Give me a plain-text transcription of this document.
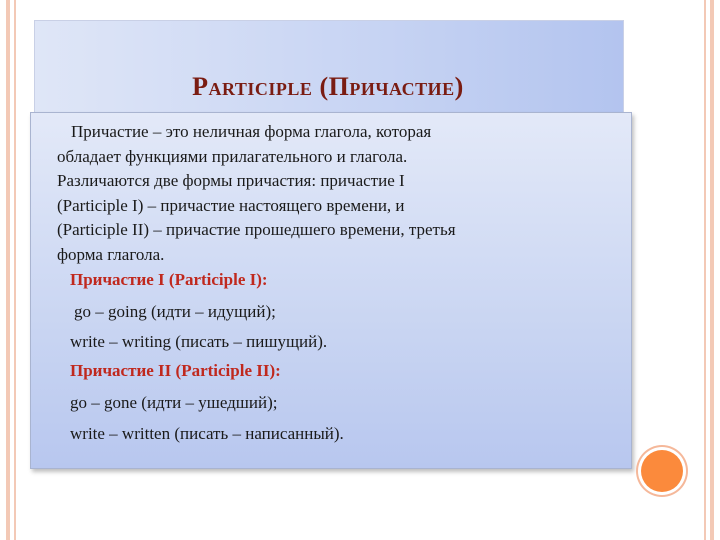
Participle (Причастие)
Причастие – это неличная форма глагола, которая
обладает функциями прилагательного и глагола.
Различаются две формы причастия: причастие I
(Participle I) – причастие настоящего времени, и
(Participle II) – причастие прошедшего времени, третья
форма глагола.
Причастие I (Participle I):
go – going (идти – идущий);
write – writing (писать – пишущий).
Причастие II (Participle II):
go – gone (идти – ушедший);
write – written (писать – написанный).
